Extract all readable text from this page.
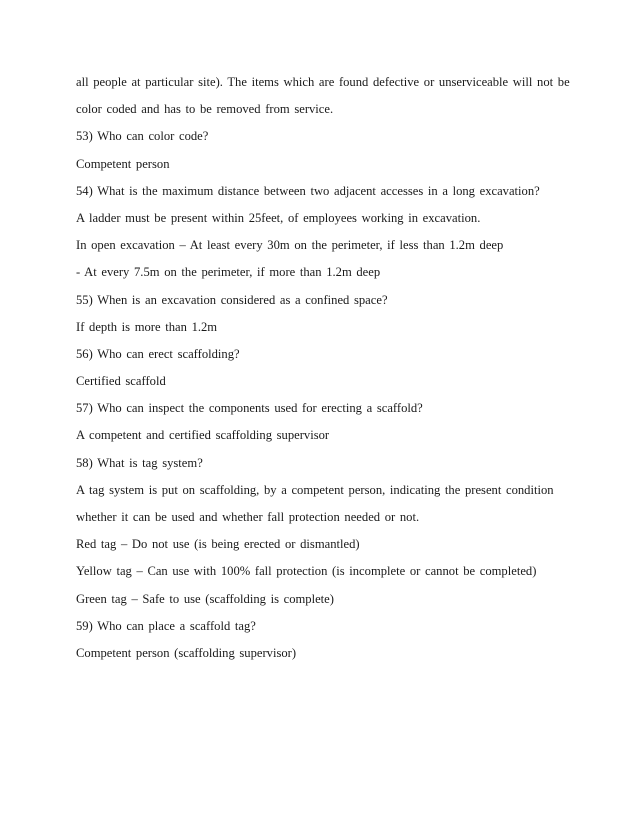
all people at particular site). The items which are found defective or unserviceable will not be
color coded and has to be removed from service.
53) Who can color code?
Competent person
54) What is the maximum distance between two adjacent accesses in a long excavation?
A ladder must be present within 25feet, of employees working in excavation.
In open excavation – At least every 30m on the perimeter, if less than 1.2m deep
- At every 7.5m on the perimeter, if more than 1.2m deep
55) When is an excavation considered as a confined space?
If depth is more than 1.2m
56) Who can erect scaffolding?
Certified scaffold
57) Who can inspect the components used for erecting a scaffold?
A competent and certified scaffolding supervisor
58) What is tag system?
A tag system is put on scaffolding, by a competent person, indicating the present condition
whether it can be used and whether fall protection needed or not.
Red tag – Do not use (is being erected or dismantled)
Yellow tag – Can use with 100% fall protection (is incomplete or cannot be completed)
Green tag – Safe to use (scaffolding is complete)
59) Who can place a scaffold tag?
Competent person (scaffolding supervisor)
